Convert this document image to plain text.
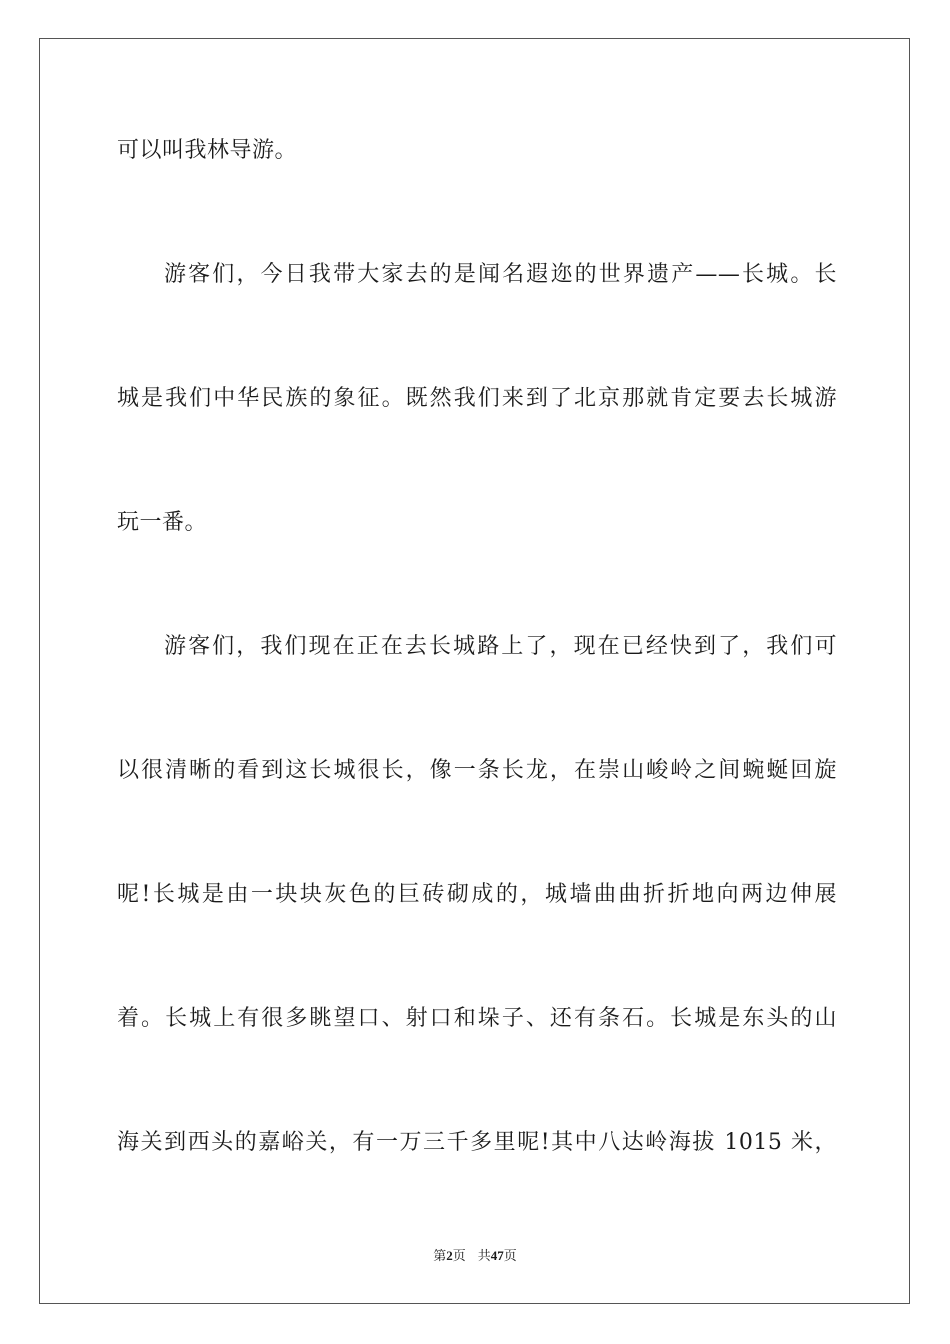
可以叫我林导游。
游客们，今日我带大家去的是闻名遐迩的世界遗产——长城。长
城是我们中华民族的象征。既然我们来到了北京那就肯定要去长城游
玩一番。
游客们，我们现在正在去长城路上了，现在已经快到了，我们可
以很清晰的看到这长城很长，像一条长龙，在崇山峻岭之间蜿蜒回旋
呢!长城是由一块块灰色的巨砖砌成的，城墙曲曲折折地向两边伸展
着。长城上有很多眺望口、射口和垛子、还有条石。长城是东头的山
海关到西头的嘉峪关，有一万三千多里呢!其中八达岭海拔 1015 米，
第2页 共47页
